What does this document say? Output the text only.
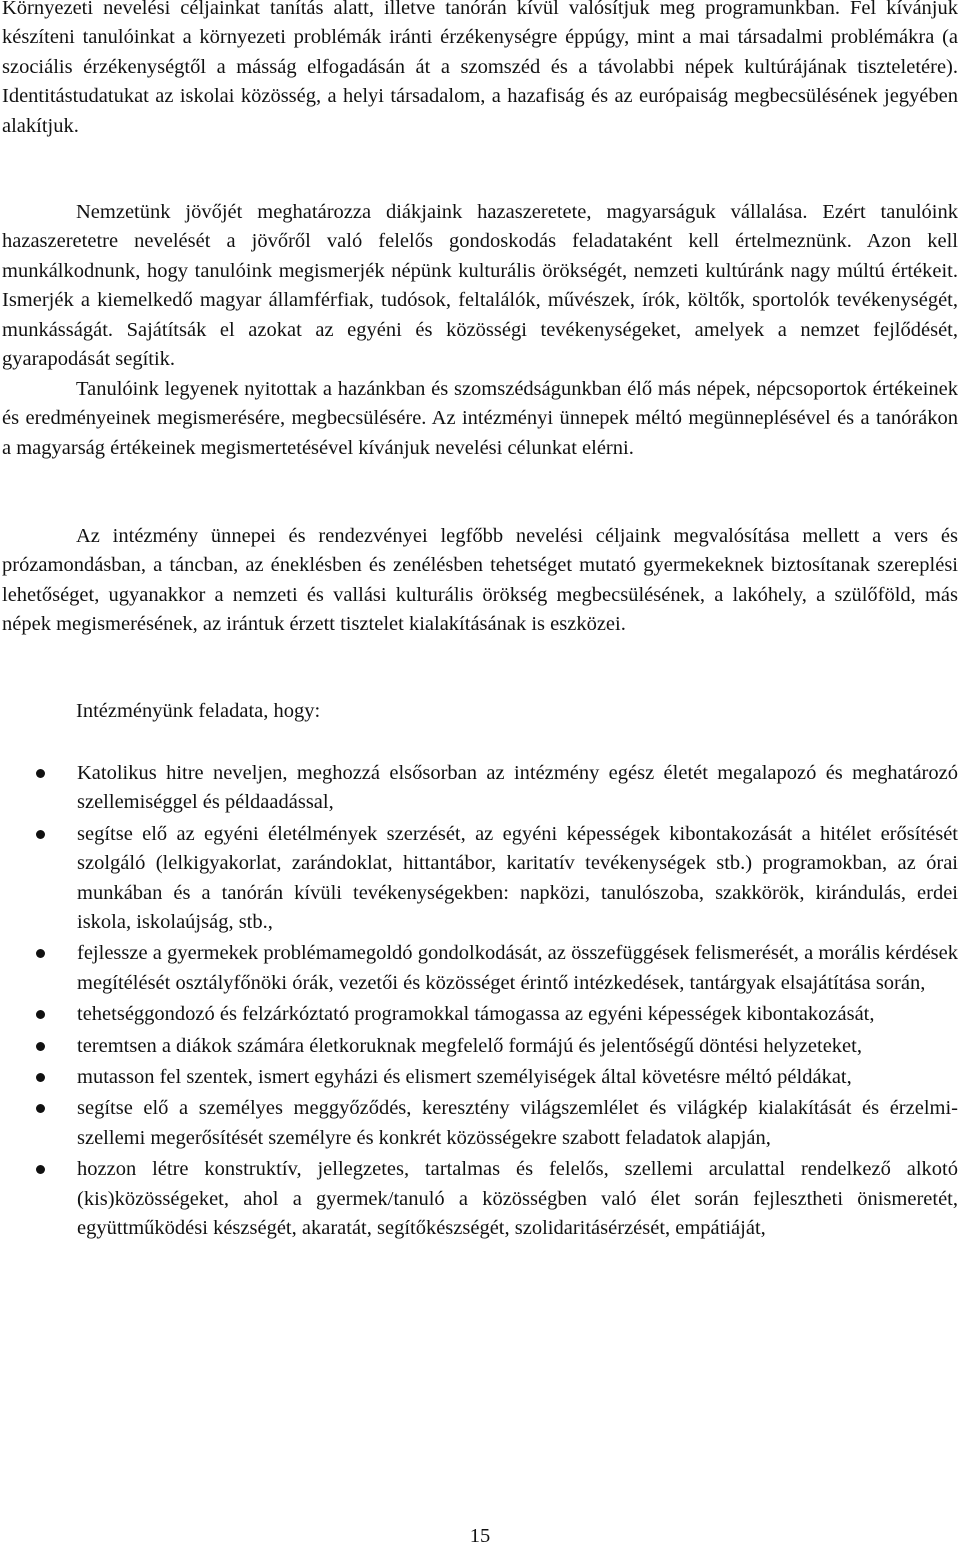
Környezeti nevelési céljainkat tanítás alatt, illetve tanórán kívül valósítjuk meg programunkban. Fel kívánjuk készíteni tanulóinkat a környezeti problémák iránti érzékenységre éppúgy, mint a mai társadalmi problémákra (a szociális érzékenységtől a másság elfogadásán át a szomszéd és a távolabbi népek kultúrájának tiszteletére). Identitástudatukat az iskolai közösség, a helyi társadalom, a hazafiság és az európaiság megbecsülésének jegyében alakítjuk.

Nemzetünk jövőjét meghatározza diákjaink hazaszeretete, magyarságuk vállalása. Ezért tanulóink hazaszeretetre nevelését a jövőről való felelős gondoskodás feladataként kell értelmeznünk. Azon kell munkálkodnunk, hogy tanulóink megismerjék népünk kulturális örökségét, nemzeti kultúránk nagy múltú értékeit. Ismerjék a kiemelkedő magyar államférfiak, tudósok, feltalálók, művészek, írók, költők, sportolók tevékenységét, munkásságát. Sajátítsák el azokat az egyéni és közösségi tevékenységeket, amelyek a nemzet fejlődését, gyarapodását segítik.

Tanulóink legyenek nyitottak a hazánkban és szomszédságunkban élő más népek, népcsoportok értékeinek és eredményeinek megismerésére, megbecsülésére. Az intézményi ünnepek méltó megünneplésével és a tanórákon a magyarság értékeinek megismertetésével kívánjuk nevelési célunkat elérni.

Az intézmény ünnepei és rendezvényei legfőbb nevelési céljaink megvalósítása mellett a vers és prózamondásban, a táncban, az éneklésben és zenélésben tehetséget mutató gyermekeknek biztosítanak szereplési lehetőséget, ugyanakkor a nemzeti és vallási kulturális örökség megbecsülésének, a lakóhely, a szülőföld, más népek megismerésének, az irántuk érzett tisztelet kialakításának is eszközei.

Intézményünk feladata, hogy:
Katolikus hitre neveljen, meghozzá elsősorban az intézmény egész életét megalapozó és meghatározó szellemiséggel és példaadással,
segítse elő az egyéni életélmények szerzését, az egyéni képességek kibontakozását a hitélet erősítését szolgáló (lelkigyakorlat, zarándoklat, hittantábor, karitatív tevékenységek stb.) programokban, az órai munkában és a tanórán kívüli tevékenységekben: napközi, tanulószoba, szakkörök, kirándulás, erdei iskola, iskolaújság, stb.,
fejlessze a gyermekek problémamegoldó gondolkodását, az összefüggések felismerését, a morális kérdések megítélését osztályfőnöki órák, vezetői és közösséget érintő intézkedések, tantárgyak elsajátítása során,
tehetséggondozó és felzárkóztató programokkal támogassa az egyéni képességek kibontakozását,
teremtsen a diákok számára életkoruknak megfelelő formájú és jelentőségű döntési helyzeteket,
mutasson fel szentek, ismert egyházi és elismert személyiségek által követésre méltó példákat,
segítse elő a személyes meggyőződés, keresztény világszemlélet és világkép kialakítását és érzelmi-szellemi megerősítését személyre és konkrét közösségekre szabott feladatok alapján,
hozzon létre konstruktív, jellegzetes, tartalmas és felelős, szellemi arculattal rendelkező alkotó (kis)közösségeket, ahol a gyermek/tanuló a közösségben való élet során fejlesztheti önismeretét, együttműködési készségét, akaratát, segítőkészségét, szolidaritásérzését, empátiáját,
15
